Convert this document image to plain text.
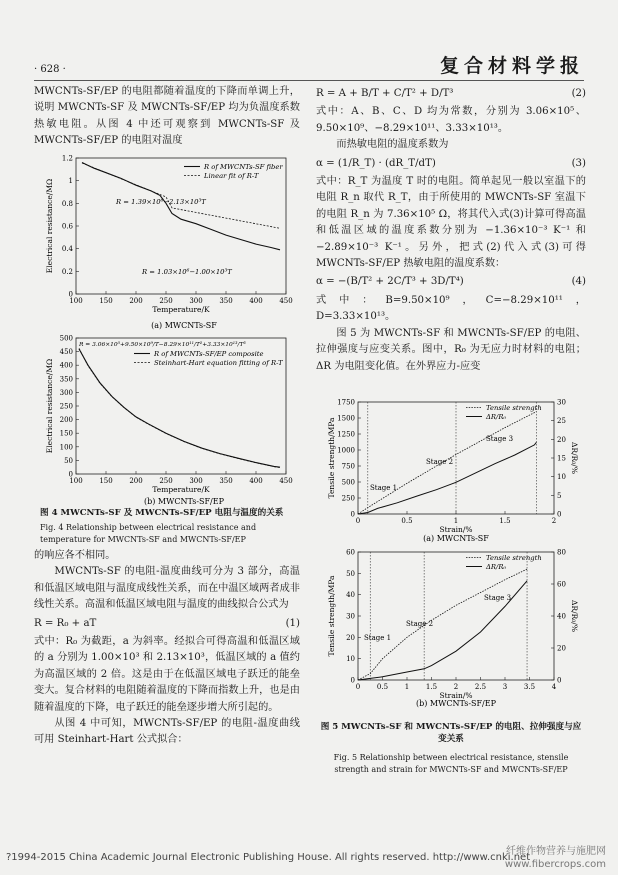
· 628 ·	复合材料学报

MWCNTs-SF/EP 的电阻都随着温度的下降而单调上升，说明 MWCNTs-SF 及 MWCNTs-SF/EP 均为负温度系数热敏电阻。从图 4 中还可观察到 MWCNTs-SF 及 MWCNTs-SF/EP 的电阻对温度

100 150 200 250 300 350 400 450
0
0.2
0.4
0.6
0.8
1
1.2
Temperature/K
Electrical resistance/MΩ
R of MWCNTs-SF fiber
Linear fit of R-T
R = 1.39×10⁶−2.13×10³T
R = 1.03×10⁶−1.00×10³T
(a) MWCNTs-SF
100 150 200 250 300 350 400 450
0
50
100
150
200
250
300
350
400
450
500
Temperature/K
Electrical resistance/MΩ
R = 3.06×10⁵+9.50×10⁹/T−8.29×10¹¹/T²+3.33×10¹³/T³
R of MWCNTs-SF/EP composite
Steinhart-Hart equation fitting of R-T
(b) MWCNTs-SF/EP
图 4 MWCNTs-SF 及 MWCNTs-SF/EP 电阻与温度的关系
Fig. 4 Relationship between electrical resistance and temperature for MWCNTs-SF and MWCNTs-SF/EP

的响应各不相同。

MWCNTs-SF 的电阻-温度曲线可分为 3 部分，高温和低温区域电阻与温度成线性关系，而在中温区域两者成非线性关系。高温和低温区域电阻与温度的曲线拟合公式为

R = R₀ + aT	(1)

式中：R₀ 为截距，a 为斜率。经拟合可得高温和低温区域的 a 分别为 1.00×10³ 和 2.13×10³，低温区域的 a 值约为高温区域的 2 倍。这是由于在低温区域电子跃迁的能垒变大。复合材料的电阻随着温度的下降而指数上升，也是由随着温度的下降，电子跃迁的能垒逐步增大所引起的。

从图 4 中可知，MWCNTs-SF/EP 的电阻-温度曲线可用 Steinhart-Hart 公式拟合：

R = A + B/T + C/T² + D/T³	(2)

式中：A、B、C、D 均为常数，分别为 3.06×10⁵、9.50×10⁹、−8.29×10¹¹、3.33×10¹³。

而热敏电阻的温度系数为

α = (1/R_T) · (dR_T/dT)	(3)

式中：R_T 为温度 T 时的电阻。简单起见一般以室温下的电阻 R_n 取代 R_T，由于所使用的 MWCNTs-SF 室温下的电阻 R_n 为 7.36×10⁵ Ω，将其代入式(3)计算可得高温和低温区域的温度系数分别为 −1.36×10⁻³ K⁻¹ 和 −2.89×10⁻³ K⁻¹。另外，把式(2)代入式(3)可得 MWCNTs-SF/EP 热敏电阻的温度系数：

α = −(B/T² + 2C/T³ + 3D/T⁴)	(4)

式中：B=9.50×10⁹，C=−8.29×10¹¹，D=3.33×10¹³。

图 5 为 MWCNTs-SF 和 MWCNTs-SF/EP 的电阻、拉伸强度与应变关系。图中，R₀ 为无应力时材料的电阻；ΔR 为电阻变化值。在外界应力-应变

0	0.5	1	1.5	2
0
250
500
750
1000
1250
1500
1750
0
5
10
15
20
25
30
Strain/%
Tensile strength/MPa	ΔR/R₀/%
Tensile strength
ΔR/R₀
Stage 1
Stage 2
Stage 3
(a) MWCNTs-SF
0 0.5 1 1.5 2 2.5 3 3.5 4
0
10
20
30
40
50
60
0
20
40
60
80
Strain/%
Tensile strength/MPa	ΔR/R₀/%
Tensile strength
ΔR/R₀
Stage 1
Stage 2
Stage 3
(b) MWCNTs-SF/EP
图 5 MWCNTs-SF 和 MWCNTs-SF/EP 的电阻、拉伸强度与应变关系
Fig. 5 Relationship between electrical resistance, stensile strength and strain for MWCNTs-SF and MWCNTs-SF/EP
?1994-2015 China Academic Journal Electronic Publishing House. All rights reserved. http://www.cnki.net
纤维作物营养与施肥网
www.fibercrops.com
